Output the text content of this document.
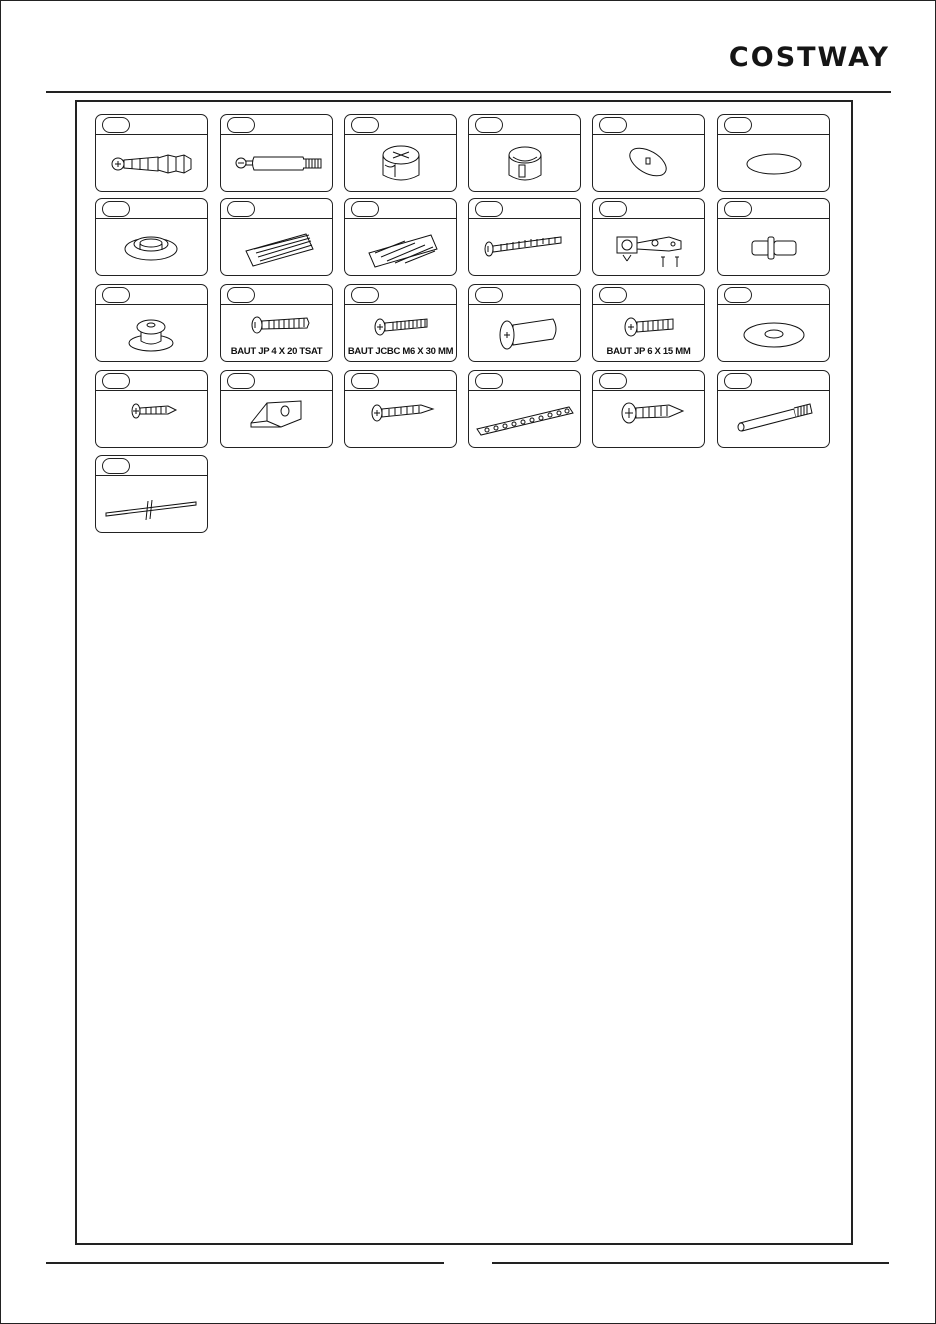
COSTWAY
BAUT JP 4 X 20 TSAT	BAUT JCBC M6 X 30 MM	BAUT JP 6 X 15 MM
